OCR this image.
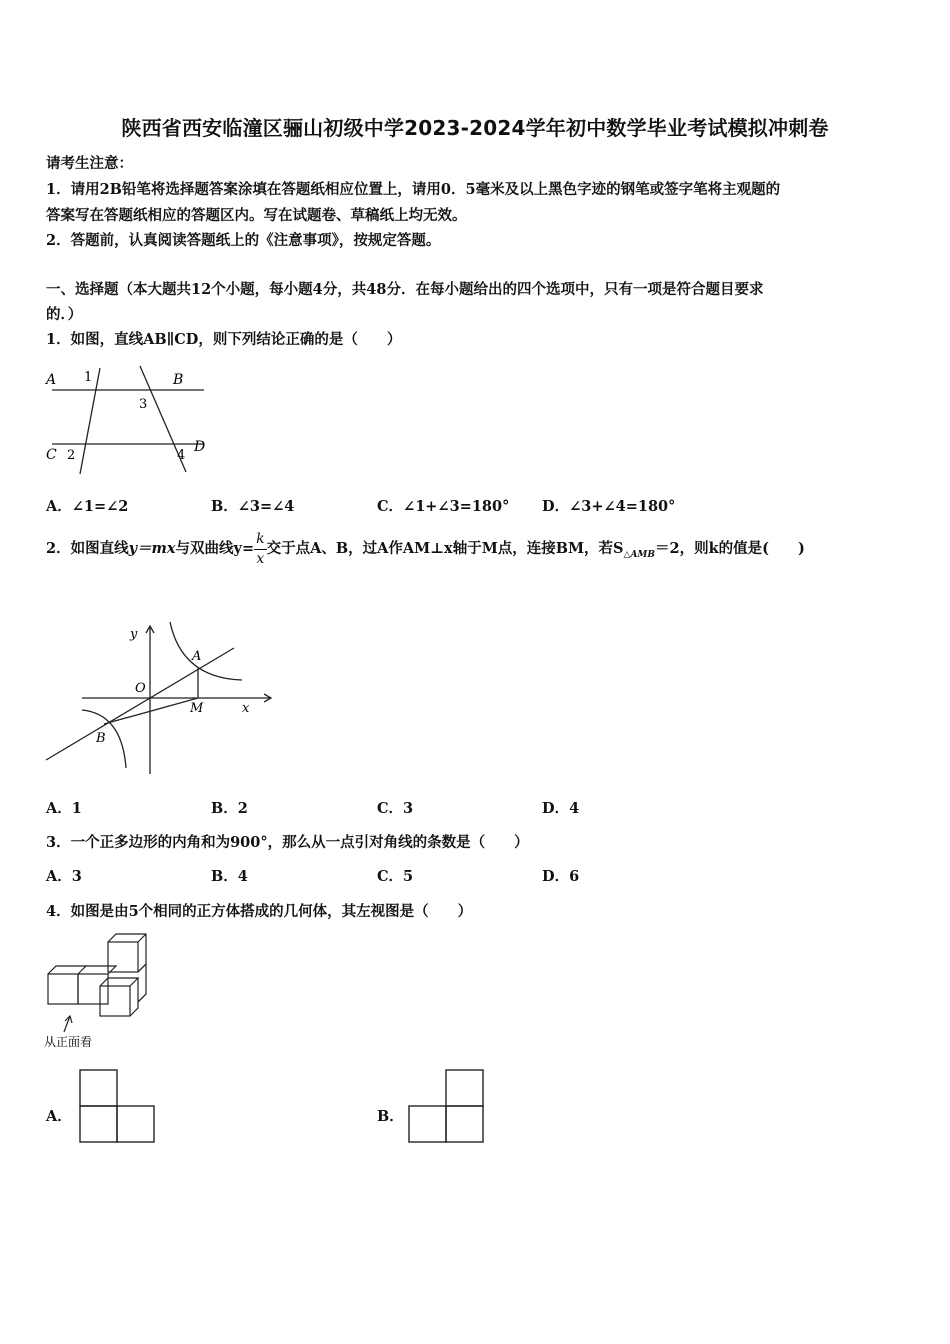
陕西省西安临潼区骊山初级中学2023-2024学年初中数学毕业考试模拟冲刺卷
请考生注意：
1．请用2B铅笔将选择题答案涂填在答题纸相应位置上，请用0．5毫米及以上黑色字迹的钢笔或签字笔将主观题的
答案写在答题纸相应的答题区内。写在试题卷、草稿纸上均无效。
2．答题前，认真阅读答题纸上的《注意事项》，按规定答题。
一、选择题（本大题共12个小题，每小题4分，共48分．在每小题给出的四个选项中，只有一项是符合题目要求
的．）
1．如图，直线AB∥CD，则下列结论正确的是（　　）
A	B
C	D
1
2
3
4
A．∠1=∠2	B．∠3=∠4	C．∠1+∠3=180° D．∠3+∠4=180°
2．如图直线y＝mx与双曲线$y= \frac{k}{x}$ 交于点A、B，过A作AM⊥x轴于M点，连接BM，若$S_{\triangle AMB}=2$，则k的值是(　　)
y
x
O
A
B
M
A．1	B．2	C．3	D．4
3．一个正多边形的内角和为900°，那么从一点引对角线的条数是（　　）
A．3	B．4	C．5	D．6
4．如图是由5个相同的正方体搭成的几何体，其左视图是（　　）
从正面看
A．	B．
